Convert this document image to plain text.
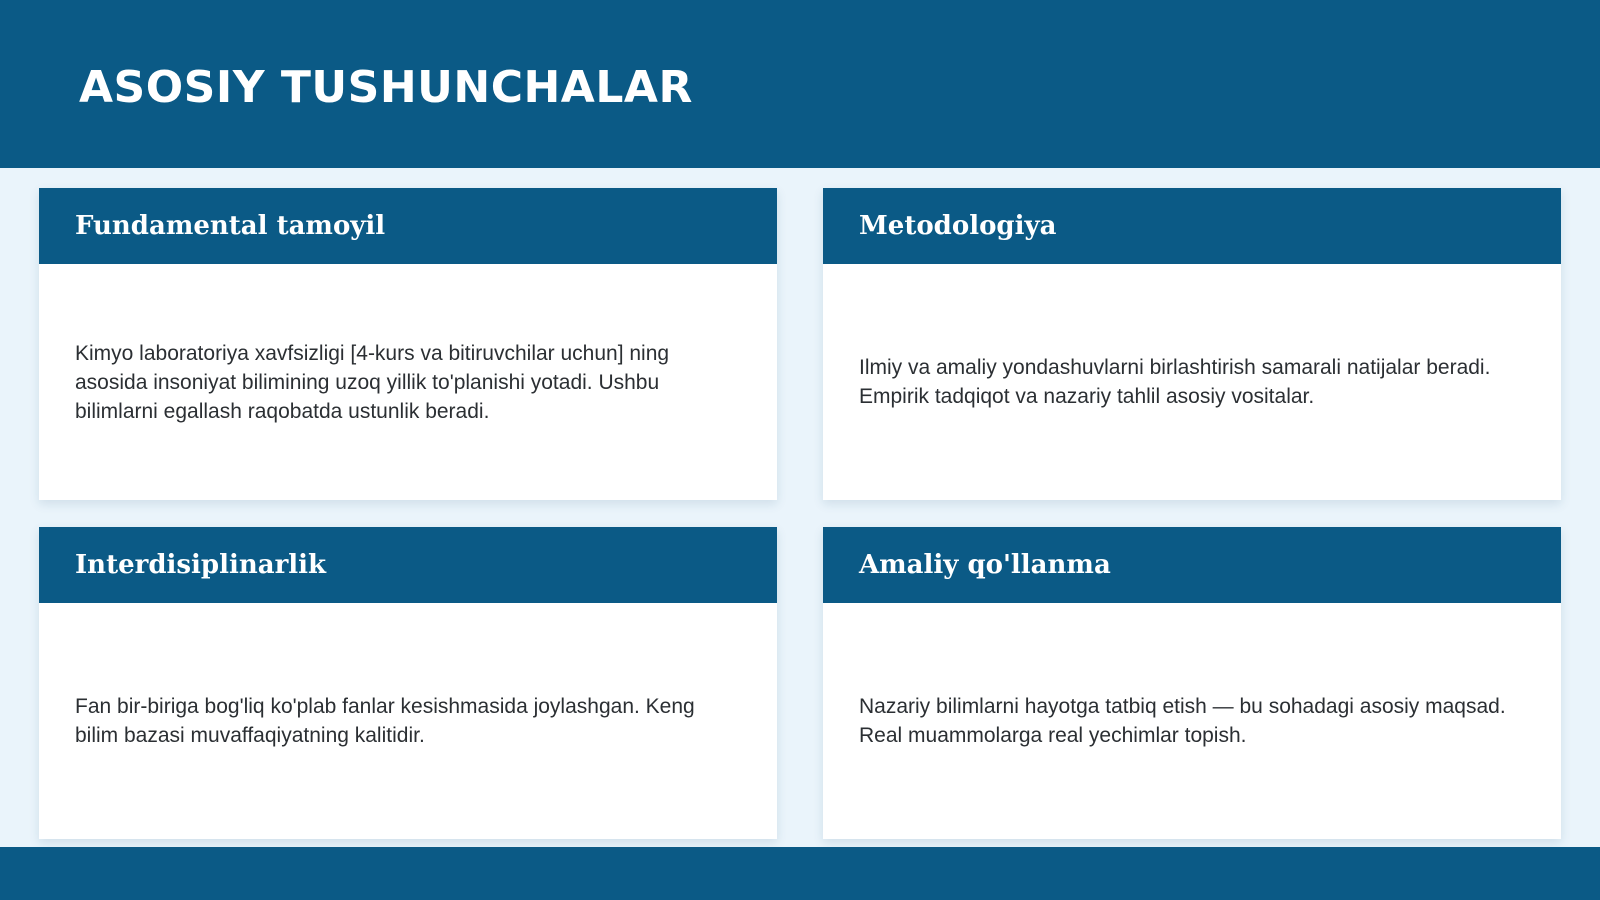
ASOSIY TUSHUNCHALAR
Fundamental tamoyil

Kimyo laboratoriya xavfsizligi [4-kurs va bitiruvchilar uchun] ning asosida insoniyat bilimining uzoq yillik to'planishi yotadi. Ushbu bilimlarni egallash raqobatda ustunlik beradi.

Metodologiya

Ilmiy va amaliy yondashuvlarni birlashtirish samarali natijalar beradi. Empirik tadqiqot va nazariy tahlil asosiy vositalar.

Interdisiplinarlik

Fan bir-biriga bog'liq ko'plab fanlar kesishmasida joylashgan. Keng bilim bazasi muvaffaqiyatning kalitidir.

Amaliy qo'llanma

Nazariy bilimlarni hayotga tatbiq etish — bu sohadagi asosiy maqsad. Real muammolarga real yechimlar topish.
